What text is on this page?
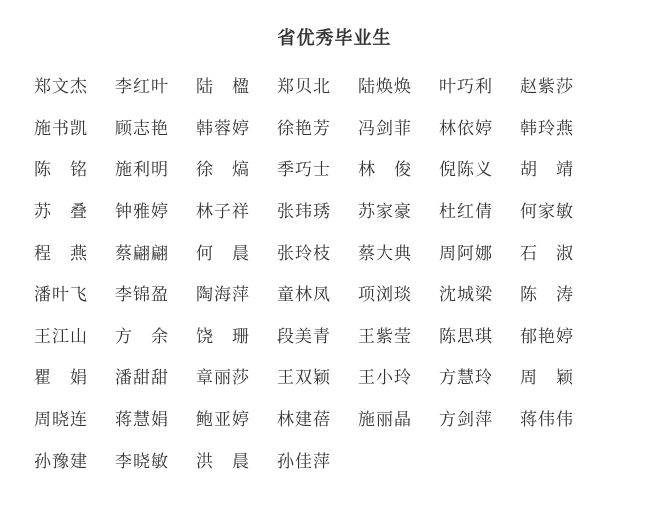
省优秀毕业生
郑文杰	李红叶	陆　楹	郑贝北	陆焕焕	叶巧利	赵紫莎
施书凯	顾志艳	韩蓉婷	徐艳芳	冯剑菲	林依婷	韩玲燕
陈　铭	施利明	徐　熇	季巧士	林　俊	倪陈义	胡　靖
苏　叠	钟雅婷	林子祥	张玮琇	苏家豪	杜红倩	何家敏
程　燕	蔡翩翩	何　晨	张玲枝	蔡大典	周阿娜	石　淑
潘叶飞	李锦盈	陶海萍	童林凤	项浏琰	沈城梁	陈　涛
王江山	方　余	饶　珊	段美青	王紫莹	陈思琪	郁艳婷
瞿　娟	潘甜甜	章丽莎	王双颖	王小玲	方慧玲	周　颖
周晓连	蒋慧娟	鲍亚婷	林建蓓	施丽晶	方剑萍	蒋伟伟
孙豫建	李晓敏	洪　晨	孙佳萍
